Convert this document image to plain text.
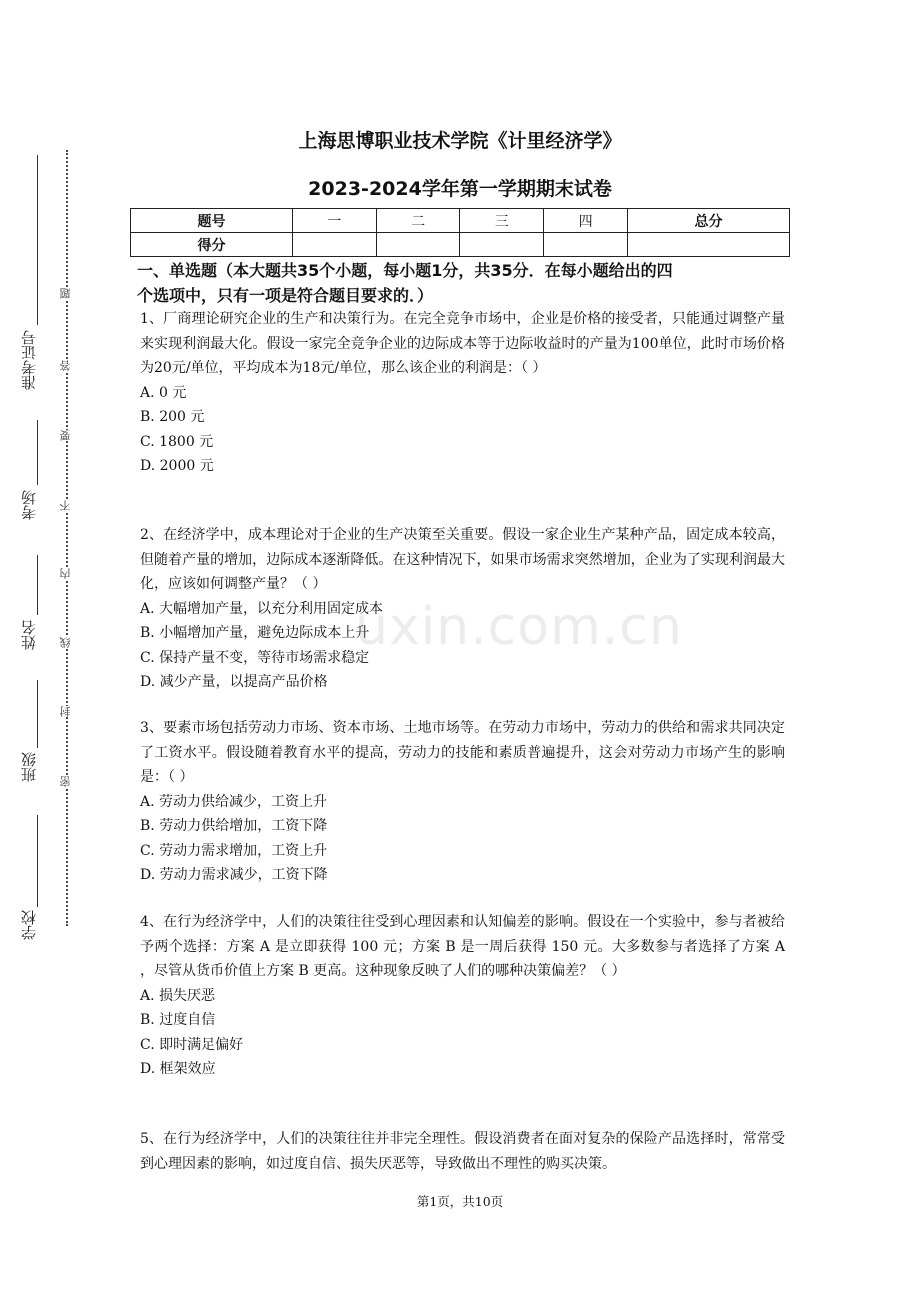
准考证号
考场
姓名
班级
学校
题
答
要
不
内
线
封
密
上海思博职业技术学院《计里经济学》
2023-2024学年第一学期期末试卷
题号	一	二	三	四	总分
得分					
一、单选题（本大题共35个小题，每小题1分，共35分．在每小题给出的四
个选项中，只有一项是符合题目要求的．）

1、厂商理论研究企业的生产和决策行为。在完全竞争市场中，企业是价格的接受者，只能通过调整产量来实现利润最大化。假设一家完全竞争企业的边际成本等于边际收益时的产量为100单位，此时市场价格为20元/单位，平均成本为18元/单位，那么该企业的利润是：（ ）

A. 0 元

B. 200 元

C. 1800 元

D. 2000 元

2、在经济学中，成本理论对于企业的生产决策至关重要。假设一家企业生产某种产品，固定成本较高，但随着产量的增加，边际成本逐渐降低。在这种情况下，如果市场需求突然增加，企业为了实现利润最大化，应该如何调整产量？（ ）

A. 大幅增加产量，以充分利用固定成本

B. 小幅增加产量，避免边际成本上升

C. 保持产量不变，等待市场需求稳定

D. 减少产量，以提高产品价格

3、要素市场包括劳动力市场、资本市场、土地市场等。在劳动力市场中，劳动力的供给和需求共同决定了工资水平。假设随着教育水平的提高，劳动力的技能和素质普遍提升，这会对劳动力市场产生的影响是：（ ）

A. 劳动力供给减少，工资上升

B. 劳动力供给增加，工资下降

C. 劳动力需求增加，工资上升

D. 劳动力需求减少，工资下降

4、在行为经济学中，人们的决策往往受到心理因素和认知偏差的影响。假设在一个实验中，参与者被给予两个选择：方案 A 是立即获得 100 元；方案 B 是一周后获得 150 元。大多数参与者选择了方案 A ，尽管从货币价值上方案 B 更高。这种现象反映了人们的哪种决策偏差？（ ）

A. 损失厌恶

B. 过度自信

C. 即时满足偏好

D. 框架效应

5、在行为经济学中，人们的决策往往并非完全理性。假设消费者在面对复杂的保险产品选择时，常常受到心理因素的影响，如过度自信、损失厌恶等，导致做出不理性的购买决策。

uxin.com.cn
第1页，共10页
